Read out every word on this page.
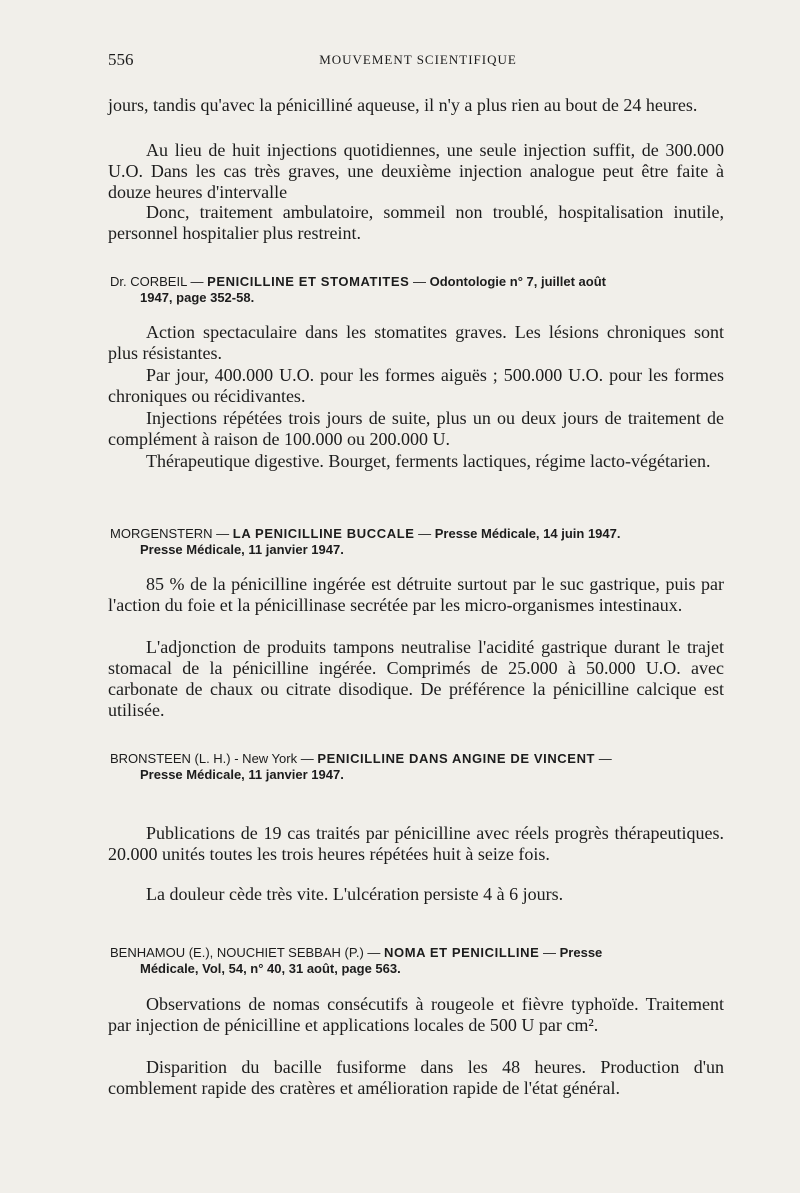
556	MOUVEMENT SCIENTIFIQUE

jours, tandis qu'avec la pénicilliné aqueuse, il n'y a plus rien au bout de 24 heures.

Au lieu de huit injections quotidiennes, une seule injection suffit, de 300.000 U.O. Dans les cas très graves, une deuxième injection analogue peut être faite à douze heures d'intervalle

Donc, traitement ambulatoire, sommeil non troublé, hospitalisation inutile, personnel hospitalier plus restreint.

Dr. CORBEIL — PENICILLINE ET STOMATITES — Odontologie n° 7, juillet août
1947, page 352-58.

Action spectaculaire dans les stomatites graves. Les lésions chroniques sont plus résistantes.

Par jour, 400.000 U.O. pour les formes aiguës ; 500.000 U.O. pour les formes chroniques ou récidivantes.

Injections répétées trois jours de suite, plus un ou deux jours de traitement de complément à raison de 100.000 ou 200.000 U.

Thérapeutique digestive. Bourget, ferments lactiques, régime lacto-végétarien.

MORGENSTERN — LA PENICILLINE BUCCALE — Presse Médicale, 14 juin 1947.
Presse Médicale, 11 janvier 1947.

85 % de la pénicilline ingérée est détruite surtout par le suc gastrique, puis par l'action du foie et la pénicillinase secrétée par les micro-organismes intestinaux.

L'adjonction de produits tampons neutralise l'acidité gastrique durant le trajet stomacal de la pénicilline ingérée. Comprimés de 25.000 à 50.000 U.O. avec carbonate de chaux ou citrate disodique. De préférence la pénicilline calcique est utilisée.

BRONSTEEN (L. H.) - New York — PENICILLINE DANS ANGINE DE VINCENT —
Presse Médicale, 11 janvier 1947.

Publications de 19 cas traités par pénicilline avec réels progrès thérapeutiques. 20.000 unités toutes les trois heures répétées huit à seize fois.

La douleur cède très vite. L'ulcération persiste 4 à 6 jours.

BENHAMOU (E.), NOUCHIET SEBBAH (P.) — NOMA ET PENICILLINE — Presse
Médicale, Vol, 54, n° 40, 31 août, page 563.

Observations de nomas consécutifs à rougeole et fièvre typhoïde. Traitement par injection de pénicilline et applications locales de 500 U par cm².

Disparition du bacille fusiforme dans les 48 heures. Production d'un comblement rapide des cratères et amélioration rapide de l'état général.
